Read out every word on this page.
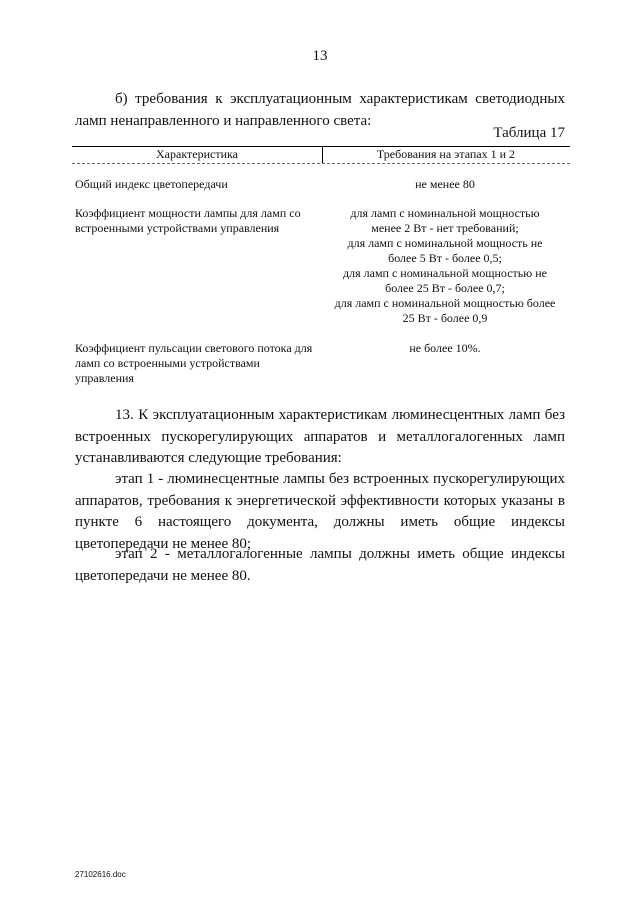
13
б) требования к эксплуатационным характеристикам светодиодных ламп ненаправленного и направленного света:
Таблица 17
Характеристика	Требования на этапах 1 и 2
Общий индекс цветопередачи	не менее 80
Коэффициент мощности лампы для ламп со встроенными устройствами управления
для ламп с номинальной мощностью
менее 2 Вт - нет требований;
для ламп с номинальной мощность не
более 5 Вт - более 0,5;
для ламп с номинальной мощностью не
более 25 Вт - более 0,7;
для ламп с номинальной мощностью более
25 Вт - более 0,9
Коэффициент пульсации светового потока для ламп со встроенными устройствами управления
не более 10%.
13. К эксплуатационным характеристикам люминесцентных ламп без встроенных пускорегулирующих аппаратов и металлогалогенных ламп устанавливаются следующие требования:
этап 1 - люминесцентные лампы без встроенных пускорегулирующих аппаратов, требования к энергетической эффективности которых указаны в пункте 6 настоящего документа, должны иметь общие индексы цветопередачи не менее 80;
этап 2 - металлогалогенные лампы должны иметь общие индексы цветопередачи не менее 80.
27102616.doc
